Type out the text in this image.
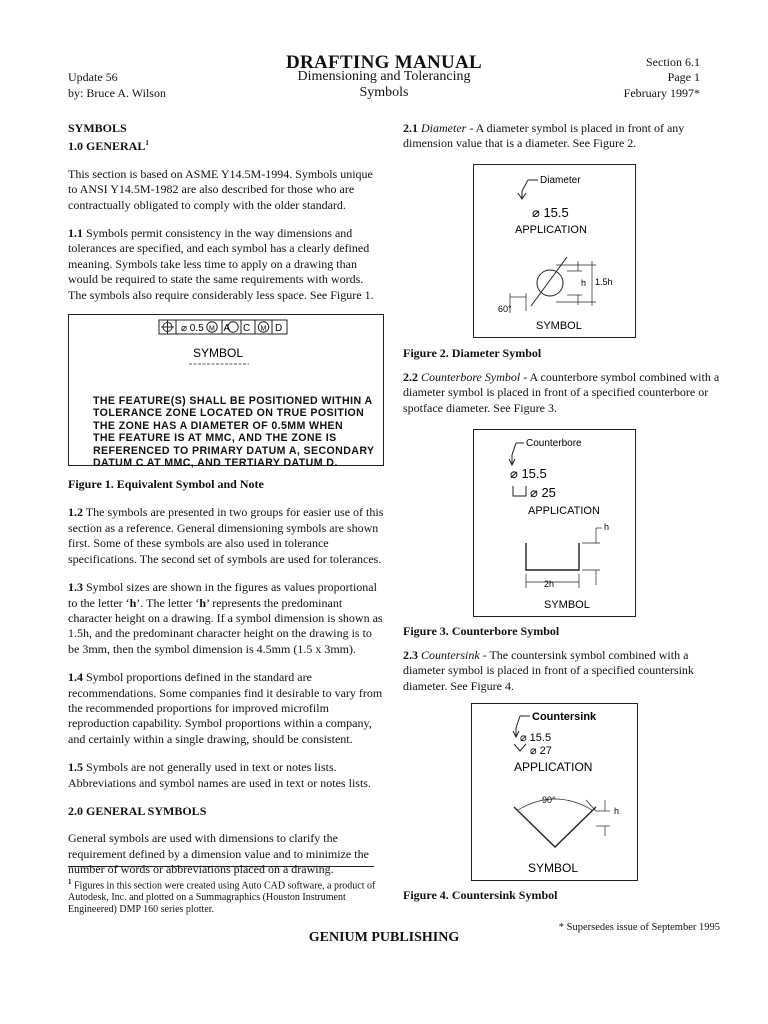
DRAFTING MANUAL
Dimensioning and Tolerancing
Symbols
Update 56
by: Bruce A. Wilson
Section 6.1
Page 1
February 1997*
SYMBOLS
1.0 GENERAL$^1$

This section is based on ASME Y14.5M-1994. Symbols unique to ANSI Y14.5M-1982 are also described for those who are contractually obligated to comply with the older standard.

1.1 Symbols permit consistency in the way dimensions and tolerances are specified, and each symbol has a clearly defined meaning. Symbols take less time to apply on a drawing than would be required to state the same requirements with words. The symbols also require considerably less space. See Figure 1.

⌀ 0.5 M A C M D
SYMBOL
THE FEATURE(S) SHALL BE POSITIONED WITHIN A
TOLERANCE ZONE LOCATED ON TRUE POSITION
THE ZONE HAS A DIAMETER OF 0.5MM WHEN
THE FEATURE IS AT MMC, AND THE ZONE IS
REFERENCED TO PRIMARY DATUM A, SECONDARY
DATUM C AT MMC, AND TERTIARY DATUM D.
Figure 1. Equivalent Symbol and Note

1.2 The symbols are presented in two groups for easier use of this section as a reference. General dimensioning symbols are shown first. Some of these symbols are also used in tolerance specifications. The second set of symbols are used for tolerances.

1.3 Symbol sizes are shown in the figures as values proportional to the letter ‘h’. The letter ‘h’ represents the predominant character height on a drawing. If a symbol dimension is shown as 1.5h, and the predominant character height on the drawing is to be 3mm, then the symbol dimension is 4.5mm (1.5 x 3mm).

1.4 Symbol proportions defined in the standard are recommendations. Some companies find it desirable to vary from the recommended proportions for improved microfilm reproduction capability. Symbol proportions within a company, and certainly within a single drawing, should be consistent.

1.5 Symbols are not generally used in text or notes lists. Abbreviations and symbol names are used in text or notes lists.

2.0 GENERAL SYMBOLS

General symbols are used with dimensions to clarify the requirement defined by a dimension value and to minimize the number of words or abbreviations placed on a drawing.

$^1$ Figures in this section were created using Auto CAD software, a product of Autodesk, Inc. and plotted on a Summagraphics (Houston Instrument Engineered) DMP 160 series plotter.
2.1 Diameter - A diameter symbol is placed in front of any dimension value that is a diameter. See Figure 2.
Diameter
⌀ 15.5
APPLICATION
h 1.5h
60°
SYMBOL
Figure 2. Diameter Symbol
2.2 Counterbore Symbol - A counterbore symbol combined with a diameter symbol is placed in front of a specified counterbore or spotface diameter. See Figure 3.
Counterbore
⌀ 15.5
⌀ 25
APPLICATION
h
2h
SYMBOL
Figure 3. Counterbore Symbol
2.3 Countersink - The countersink symbol combined with a diameter symbol is placed in front of a specified countersink diameter. See Figure 4.
Countersink
⌀ 15.5
⌀ 27
APPLICATION
90°
h
SYMBOL
Figure 4. Countersink Symbol
GENIUM PUBLISHING
* Supersedes issue of September 1995
